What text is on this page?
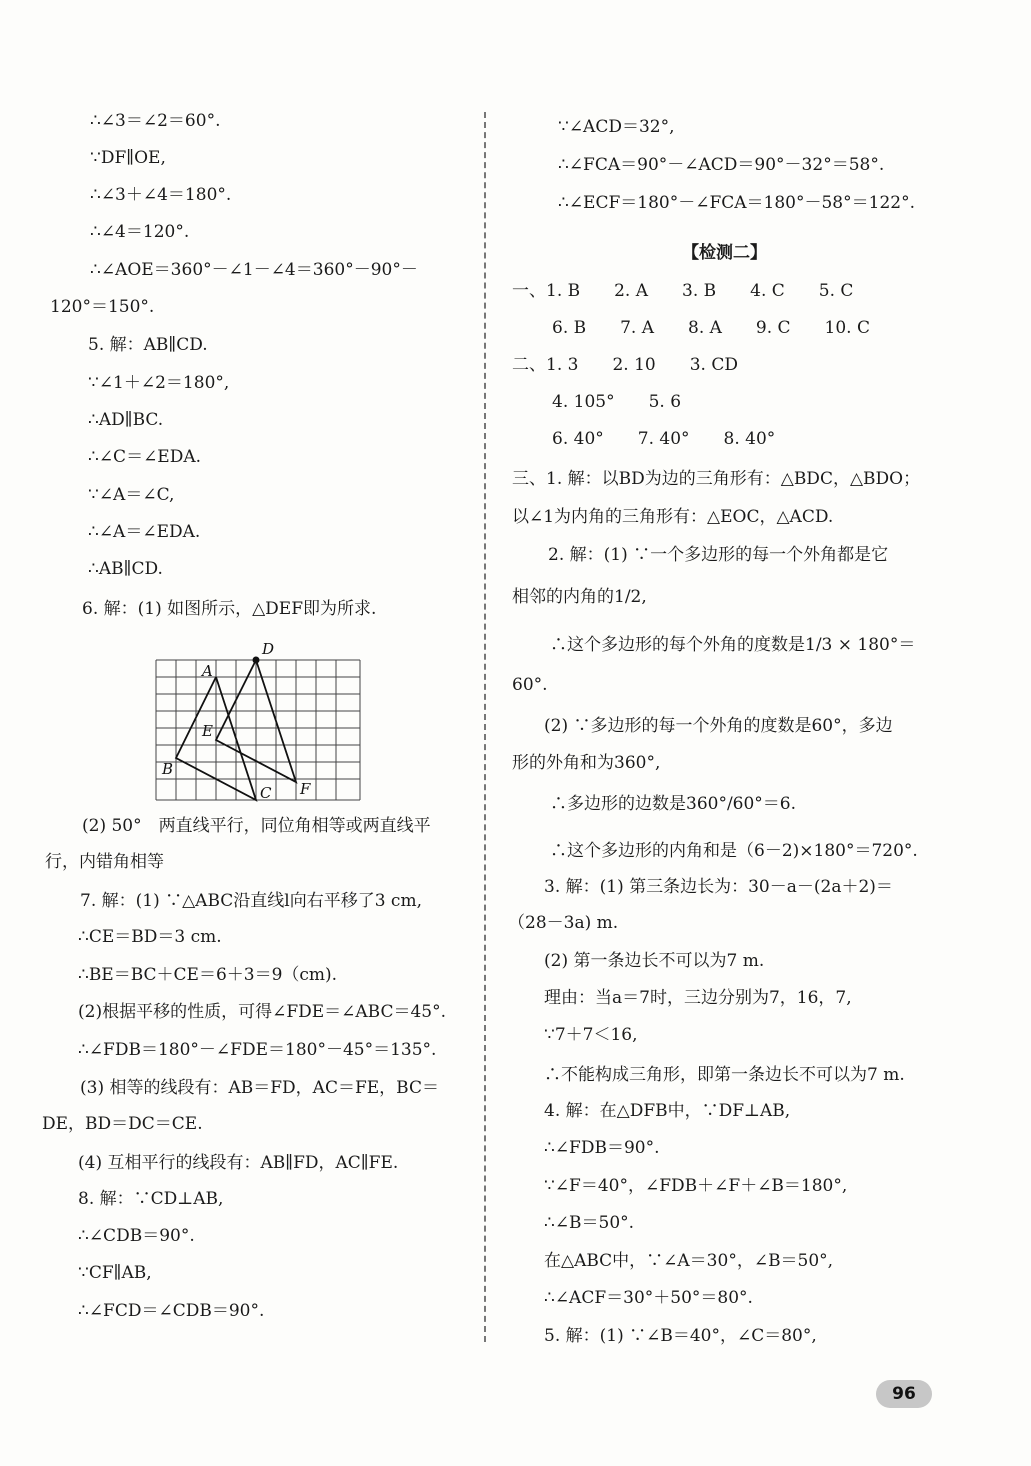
∴∠3＝∠2＝60°.
∵DF∥OE,
∴∠3＋∠4＝180°.
∴∠4＝120°.
∴∠AOE＝360°－∠1－∠4＝360°－90°－
120°＝150°.
5. 解：AB∥CD.
∵∠1＋∠2＝180°,
∴AD∥BC.
∴∠C＝∠EDA.
∵∠A＝∠C,
∴∠A＝∠EDA.
∴AB∥CD.
6. 解：(1) 如图所示，△DEF即为所求.
D
A
E
B
C F
(2) 50°　两直线平行，同位角相等或两直线平
行，内错角相等
7. 解：(1) ∵△ABC沿直线l向右平移了3 cm,
∴CE＝BD＝3 cm.
∴BE＝BC＋CE＝6＋3＝9（cm).
(2)根据平移的性质，可得∠FDE＝∠ABC＝45°.
∴∠FDB＝180°－∠FDE＝180°－45°＝135°.
(3) 相等的线段有：AB＝FD，AC＝FE，BC＝
DE，BD＝DC＝CE.
(4) 互相平行的线段有：AB∥FD，AC∥FE.
8. 解：∵CD⊥AB,
∴∠CDB＝90°.
∵CF∥AB,
∴∠FCD＝∠CDB＝90°.
∵∠ACD＝32°,
∴∠FCA＝90°－∠ACD＝90°－32°＝58°.
∴∠ECF＝180°－∠FCA＝180°－58°＝122°.
【检测二】
一、1. B　　2. A　　3. B　　4. C　　5. C
6. B　　7. A　　8. A　　9. C　　10. C
二、1. 3　　2. 10　　3. CD
4. 105°　　5. 6
6. 40°　　7. 40°　　8. 40°
三、1. 解：以BD为边的三角形有：△BDC，△BDO；
以∠1为内角的三角形有：△EOC，△ACD.
2. 解：(1) ∵一个多边形的每一个外角都是它
相邻的内角的1/2,
∴这个多边形的每个外角的度数是1/3 × 180°＝
60°.
(2) ∵多边形的每一个外角的度数是60°，多边
形的外角和为360°,
∴多边形的边数是360°/60°＝6.
∴这个多边形的内角和是（6－2)×180°＝720°.
3. 解：(1) 第三条边长为：30－a－(2a＋2)＝
（28－3a) m.
(2) 第一条边长不可以为7 m.
理由：当a＝7时，三边分别为7，16，7,
∵7＋7＜16,
∴不能构成三角形，即第一条边长不可以为7 m.
4. 解：在△DFB中，∵DF⊥AB,
∴∠FDB＝90°.
∵∠F＝40°，∠FDB＋∠F＋∠B＝180°,
∴∠B＝50°.
在△ABC中，∵∠A＝30°，∠B＝50°,
∴∠ACF＝30°＋50°＝80°.
5. 解：(1) ∵∠B＝40°，∠C＝80°,
96
